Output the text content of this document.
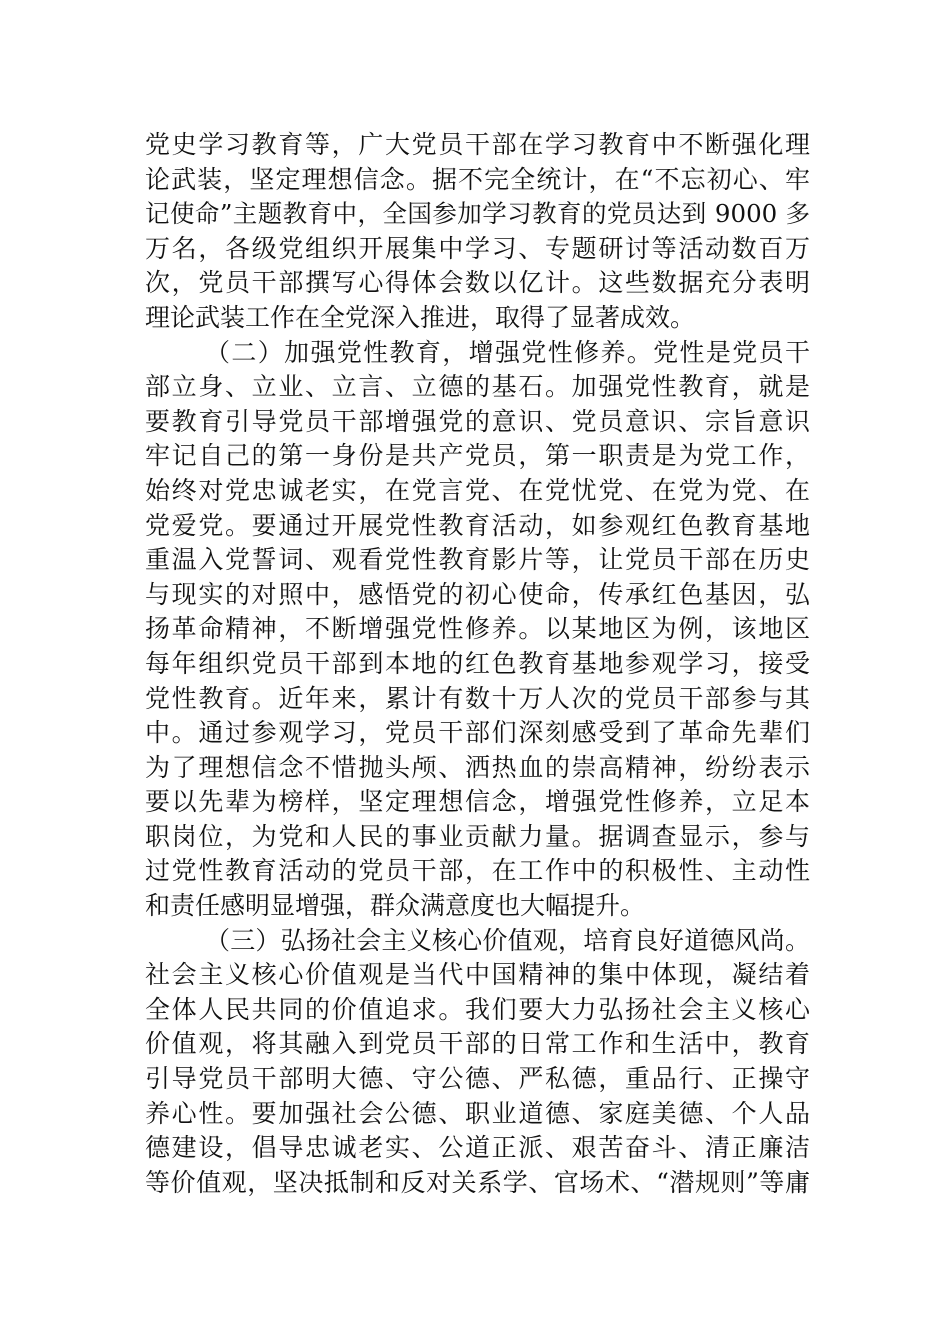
党史学习教育等，广大党员干部在学习教育中不断强化理
论武装，坚定理想信念。据不完全统计，在“不忘初心、牢
记使命”主题教育中，全国参加学习教育的党员达到 9000 多
万名，各级党组织开展集中学习、专题研讨等活动数百万
次，党员干部撰写心得体会数以亿计。这些数据充分表明
理论武装工作在全党深入推进，取得了显著成效。
（二）加强党性教育，增强党性修养。党性是党员干
部立身、立业、立言、立德的基石。加强党性教育，就是
要教育引导党员干部增强党的意识、党员意识、宗旨意识
牢记自己的第一身份是共产党员，第一职责是为党工作，
始终对党忠诚老实，在党言党、在党忧党、在党为党、在
党爱党。要通过开展党性教育活动，如参观红色教育基地
重温入党誓词、观看党性教育影片等，让党员干部在历史
与现实的对照中，感悟党的初心使命，传承红色基因，弘
扬革命精神，不断增强党性修养。以某地区为例，该地区
每年组织党员干部到本地的红色教育基地参观学习，接受
党性教育。近年来，累计有数十万人次的党员干部参与其
中。通过参观学习，党员干部们深刻感受到了革命先辈们
为了理想信念不惜抛头颅、洒热血的崇高精神，纷纷表示
要以先辈为榜样，坚定理想信念，增强党性修养，立足本
职岗位，为党和人民的事业贡献力量。据调查显示，参与
过党性教育活动的党员干部，在工作中的积极性、主动性
和责任感明显增强，群众满意度也大幅提升。
（三）弘扬社会主义核心价值观，培育良好道德风尚。
社会主义核心价值观是当代中国精神的集中体现，凝结着
全体人民共同的价值追求。我们要大力弘扬社会主义核心
价值观，将其融入到党员干部的日常工作和生活中，教育
引导党员干部明大德、守公德、严私德，重品行、正操守
养心性。要加强社会公德、职业道德、家庭美德、个人品
德建设，倡导忠诚老实、公道正派、艰苦奋斗、清正廉洁
等价值观，坚决抵制和反对关系学、官场术、“潜规则”等庸
